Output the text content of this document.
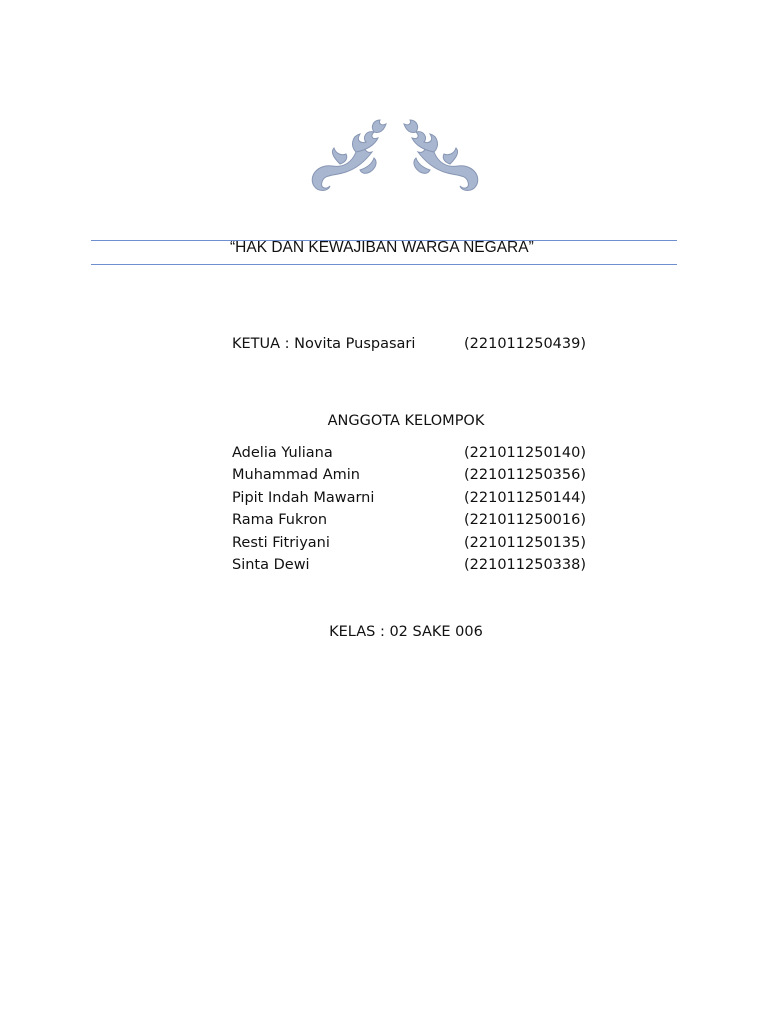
“HAK DAN KEWAJIBAN WARGA NEGARA”
KETUA : Novita Puspasari	(221011250439)
ANGGOTA KELOMPOK
Adelia Yuliana	(221011250140)
Muhammad Amin	(221011250356)
Pipit Indah Mawarni	(221011250144)
Rama Fukron	(221011250016)
Resti Fitriyani	(221011250135)
Sinta Dewi	(221011250338)
KELAS : 02 SAKE 006
